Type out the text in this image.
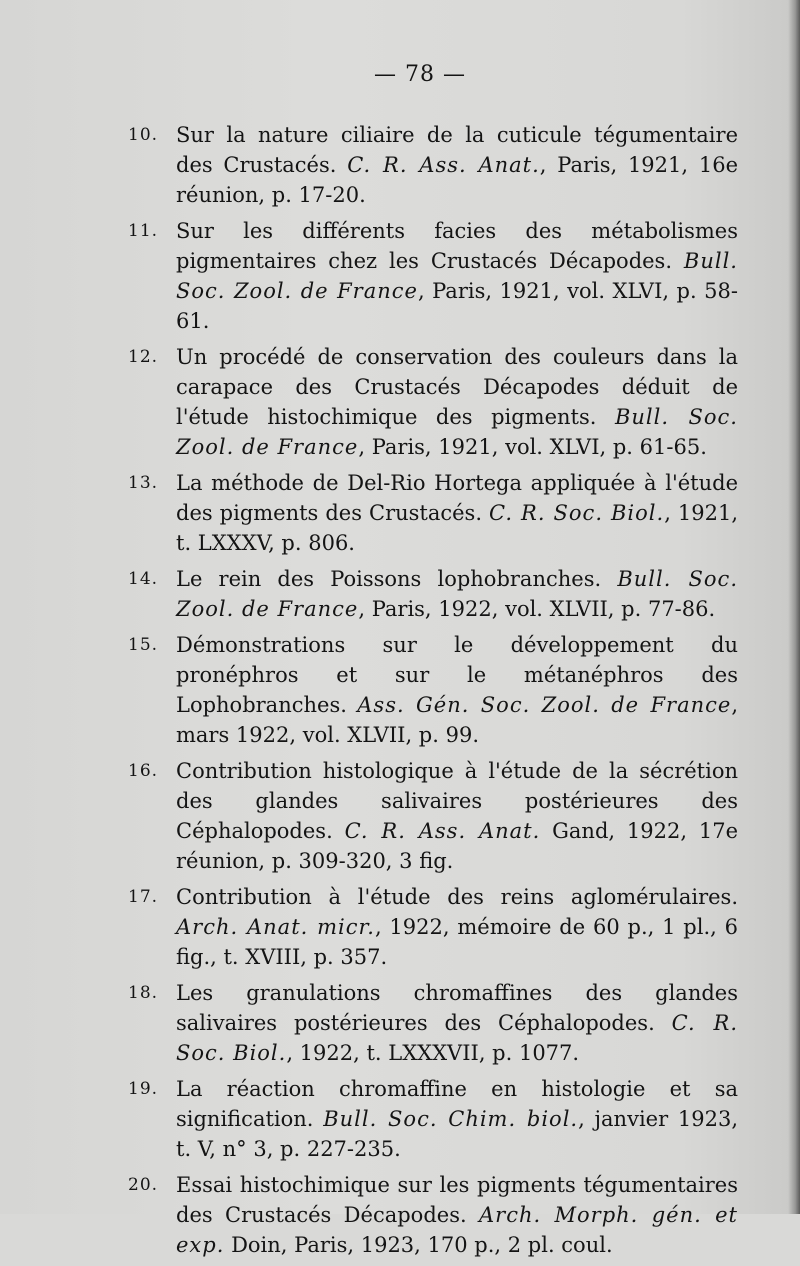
— 78 —
10. Sur la nature ciliaire de la cuticule tégumentaire des Crustacés. C. R. Ass. Anat., Paris, 1921, 16e réunion, p. 17-20.
11. Sur les différents facies des métabolismes pigmentaires chez les Crustacés Décapodes. Bull. Soc. Zool. de France, Paris, 1921, vol. XLVI, p. 58-61.
12. Un procédé de conservation des couleurs dans la carapace des Crustacés Décapodes déduit de l'étude histochimique des pigments. Bull. Soc. Zool. de France, Paris, 1921, vol. XLVI, p. 61-65.
13. La méthode de Del-Rio Hortega appliquée à l'étude des pigments des Crustacés. C. R. Soc. Biol., 1921, t. LXXXV, p. 806.
14. Le rein des Poissons lophobranches. Bull. Soc. Zool. de France, Paris, 1922, vol. XLVII, p. 77-86.
15. Démonstrations sur le développement du pronéphros et sur le métanéphros des Lophobranches. Ass. Gén. Soc. Zool. de France, mars 1922, vol. XLVII, p. 99.
16. Contribution histologique à l'étude de la sécrétion des glandes salivaires postérieures des Céphalopodes. C. R. Ass. Anat. Gand, 1922, 17e réunion, p. 309-320, 3 fig.
17. Contribution à l'étude des reins aglomérulaires. Arch. Anat. micr., 1922, mémoire de 60 p., 1 pl., 6 fig., t. XVIII, p. 357.
18. Les granulations chromaffines des glandes salivaires postérieures des Céphalopodes. C. R. Soc. Biol., 1922, t. LXXXVII, p. 1077.
19. La réaction chromaffine en histologie et sa signification. Bull. Soc. Chim. biol., janvier 1923, t. V, n° 3, p. 227-235.
20. Essai histochimique sur les pigments tégumentaires des Crustacés Décapodes. Arch. Morph. gén. et exp. Doin, Paris, 1923, 170 p., 2 pl. coul.
